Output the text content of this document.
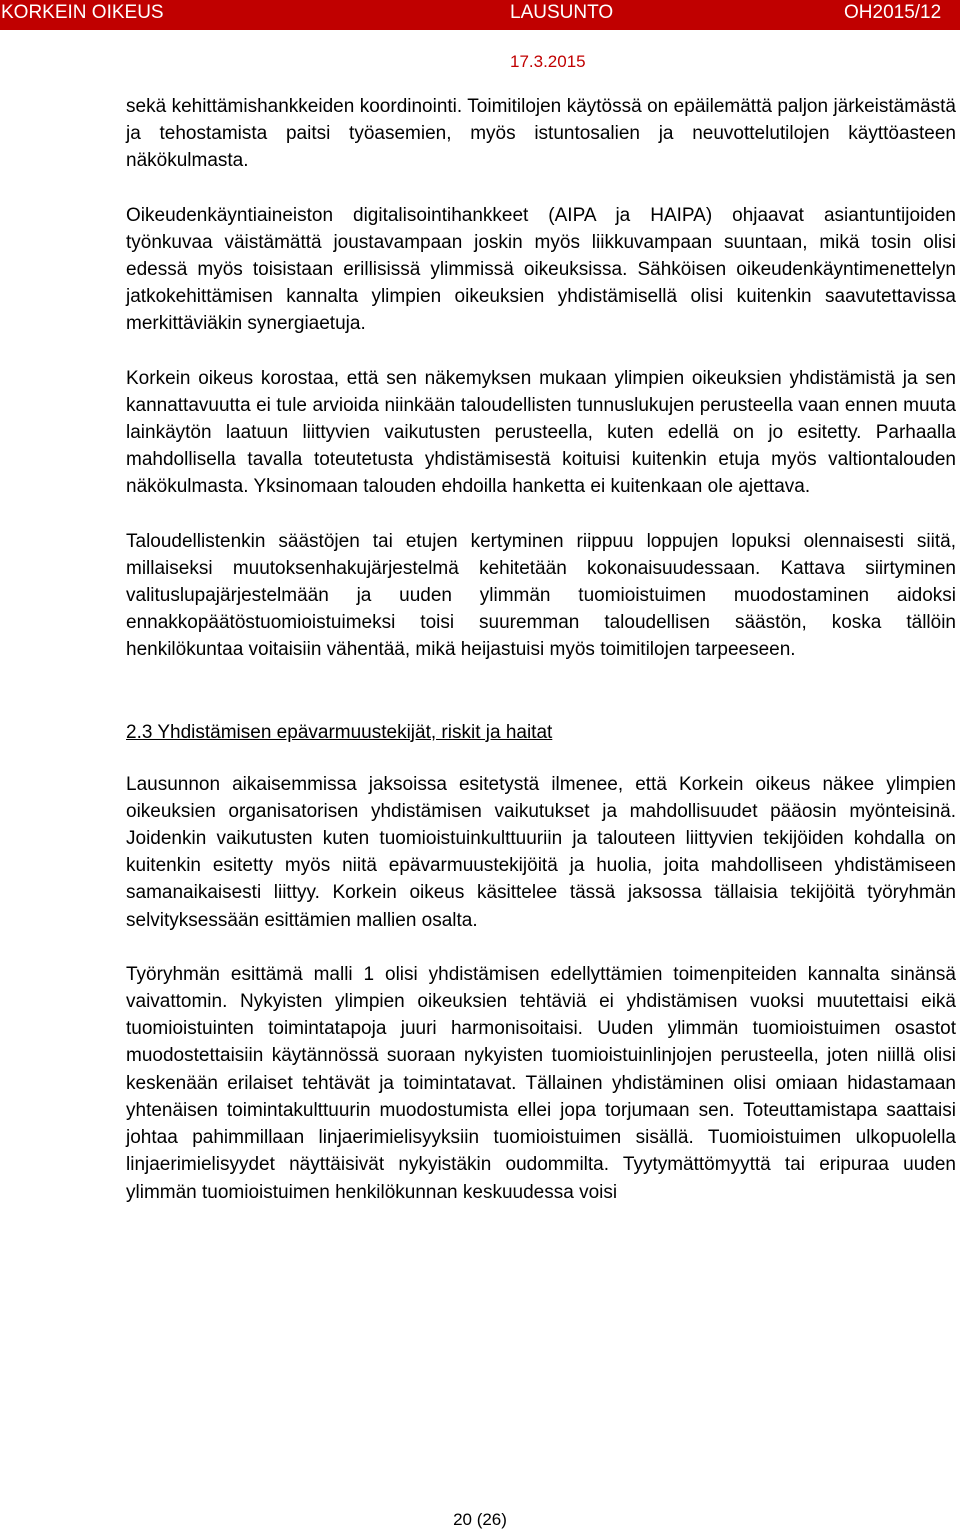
KORKEIN OIKEUS	LAUSUNTO	OH2015/12
Nro 539
17.3.2015

sekä kehittämishankkeiden koordinointi. Toimitilojen käytössä on epäilemättä paljon järkeistämästä ja tehostamista paitsi työasemien, myös istuntosalien ja neuvottelutilojen käyttöasteen näkökulmasta.

Oikeudenkäyntiaineiston digitalisointihankkeet (AIPA ja HAIPA) ohjaavat asiantuntijoiden työnkuvaa väistämättä joustavampaan joskin myös liikkuvampaan suuntaan, mikä tosin olisi edessä myös toisistaan erillisissä ylimmissä oikeuksissa. Sähköisen oikeudenkäyntimenettelyn jatkokehittämisen kannalta ylimpien oikeuksien yhdistämisellä olisi kuitenkin saavutettavissa merkittäviäkin synergiaetuja.

Korkein oikeus korostaa, että sen näkemyksen mukaan ylimpien oikeuksien yhdistämistä ja sen kannattavuutta ei tule arvioida niinkään taloudellisten tunnuslukujen perusteella vaan ennen muuta lainkäytön laatuun liittyvien vaikutusten perusteella, kuten edellä on jo esitetty. Parhaalla mahdollisella tavalla toteutetusta yhdistämisestä koituisi kuitenkin etuja myös valtiontalouden näkökulmasta. Yksinomaan talouden ehdoilla hanketta ei kuitenkaan ole ajettava.

Taloudellistenkin säästöjen tai etujen kertyminen riippuu loppujen lopuksi olennaisesti siitä, millaiseksi muutoksenhakujärjestelmä kehitetään kokonaisuudessaan. Kattava siirtyminen valituslupajärjestelmään ja uuden ylimmän tuomioistuimen muodostaminen aidoksi ennakkopäätöstuomioistuimeksi toisi suuremman taloudellisen säästön, koska tällöin henkilökuntaa voitaisiin vähentää, mikä heijastuisi myös toimitilojen tarpeeseen.

2.3 Yhdistämisen epävarmuustekijät, riskit ja haitat

Lausunnon aikaisemmissa jaksoissa esitetystä ilmenee, että Korkein oikeus näkee ylimpien oikeuksien organisatorisen yhdistämisen vaikutukset ja mahdollisuudet pääosin myönteisinä. Joidenkin vaikutusten kuten tuomioistuinkulttuuriin ja talouteen liittyvien tekijöiden kohdalla on kuitenkin esitetty myös niitä epävarmuustekijöitä ja huolia, joita mahdolliseen yhdistämiseen samanaikaisesti liittyy. Korkein oikeus käsittelee tässä jaksossa tällaisia tekijöitä työryhmän selvityksessään esittämien mallien osalta.

Työryhmän esittämä malli 1 olisi yhdistämisen edellyttämien toimenpiteiden kannalta sinänsä vaivattomin. Nykyisten ylimpien oikeuksien tehtäviä ei yhdistämisen vuoksi muutettaisi eikä tuomioistuinten toimintatapoja juuri harmonisoitaisi. Uuden ylimmän tuomioistuimen osastot muodostettaisiin käytännössä suoraan nykyisten tuomioistuinlinjojen perusteella, joten niillä olisi keskenään erilaiset tehtävät ja toimintatavat. Tällainen yhdistäminen olisi omiaan hidastamaan yhtenäisen toimintakulttuurin muodostumista ellei jopa torjumaan sen. Toteuttamistapa saattaisi johtaa pahimmillaan linjaerimielisyyksiin tuomioistuimen sisällä. Tuomioistuimen ulkopuolella linjaerimielisyydet näyttäisivät nykyistäkin oudommilta. Tyytymättömyyttä tai eripuraa uuden ylimmän tuomioistuimen henkilökunnan keskuudessa voisi

20 (26)
